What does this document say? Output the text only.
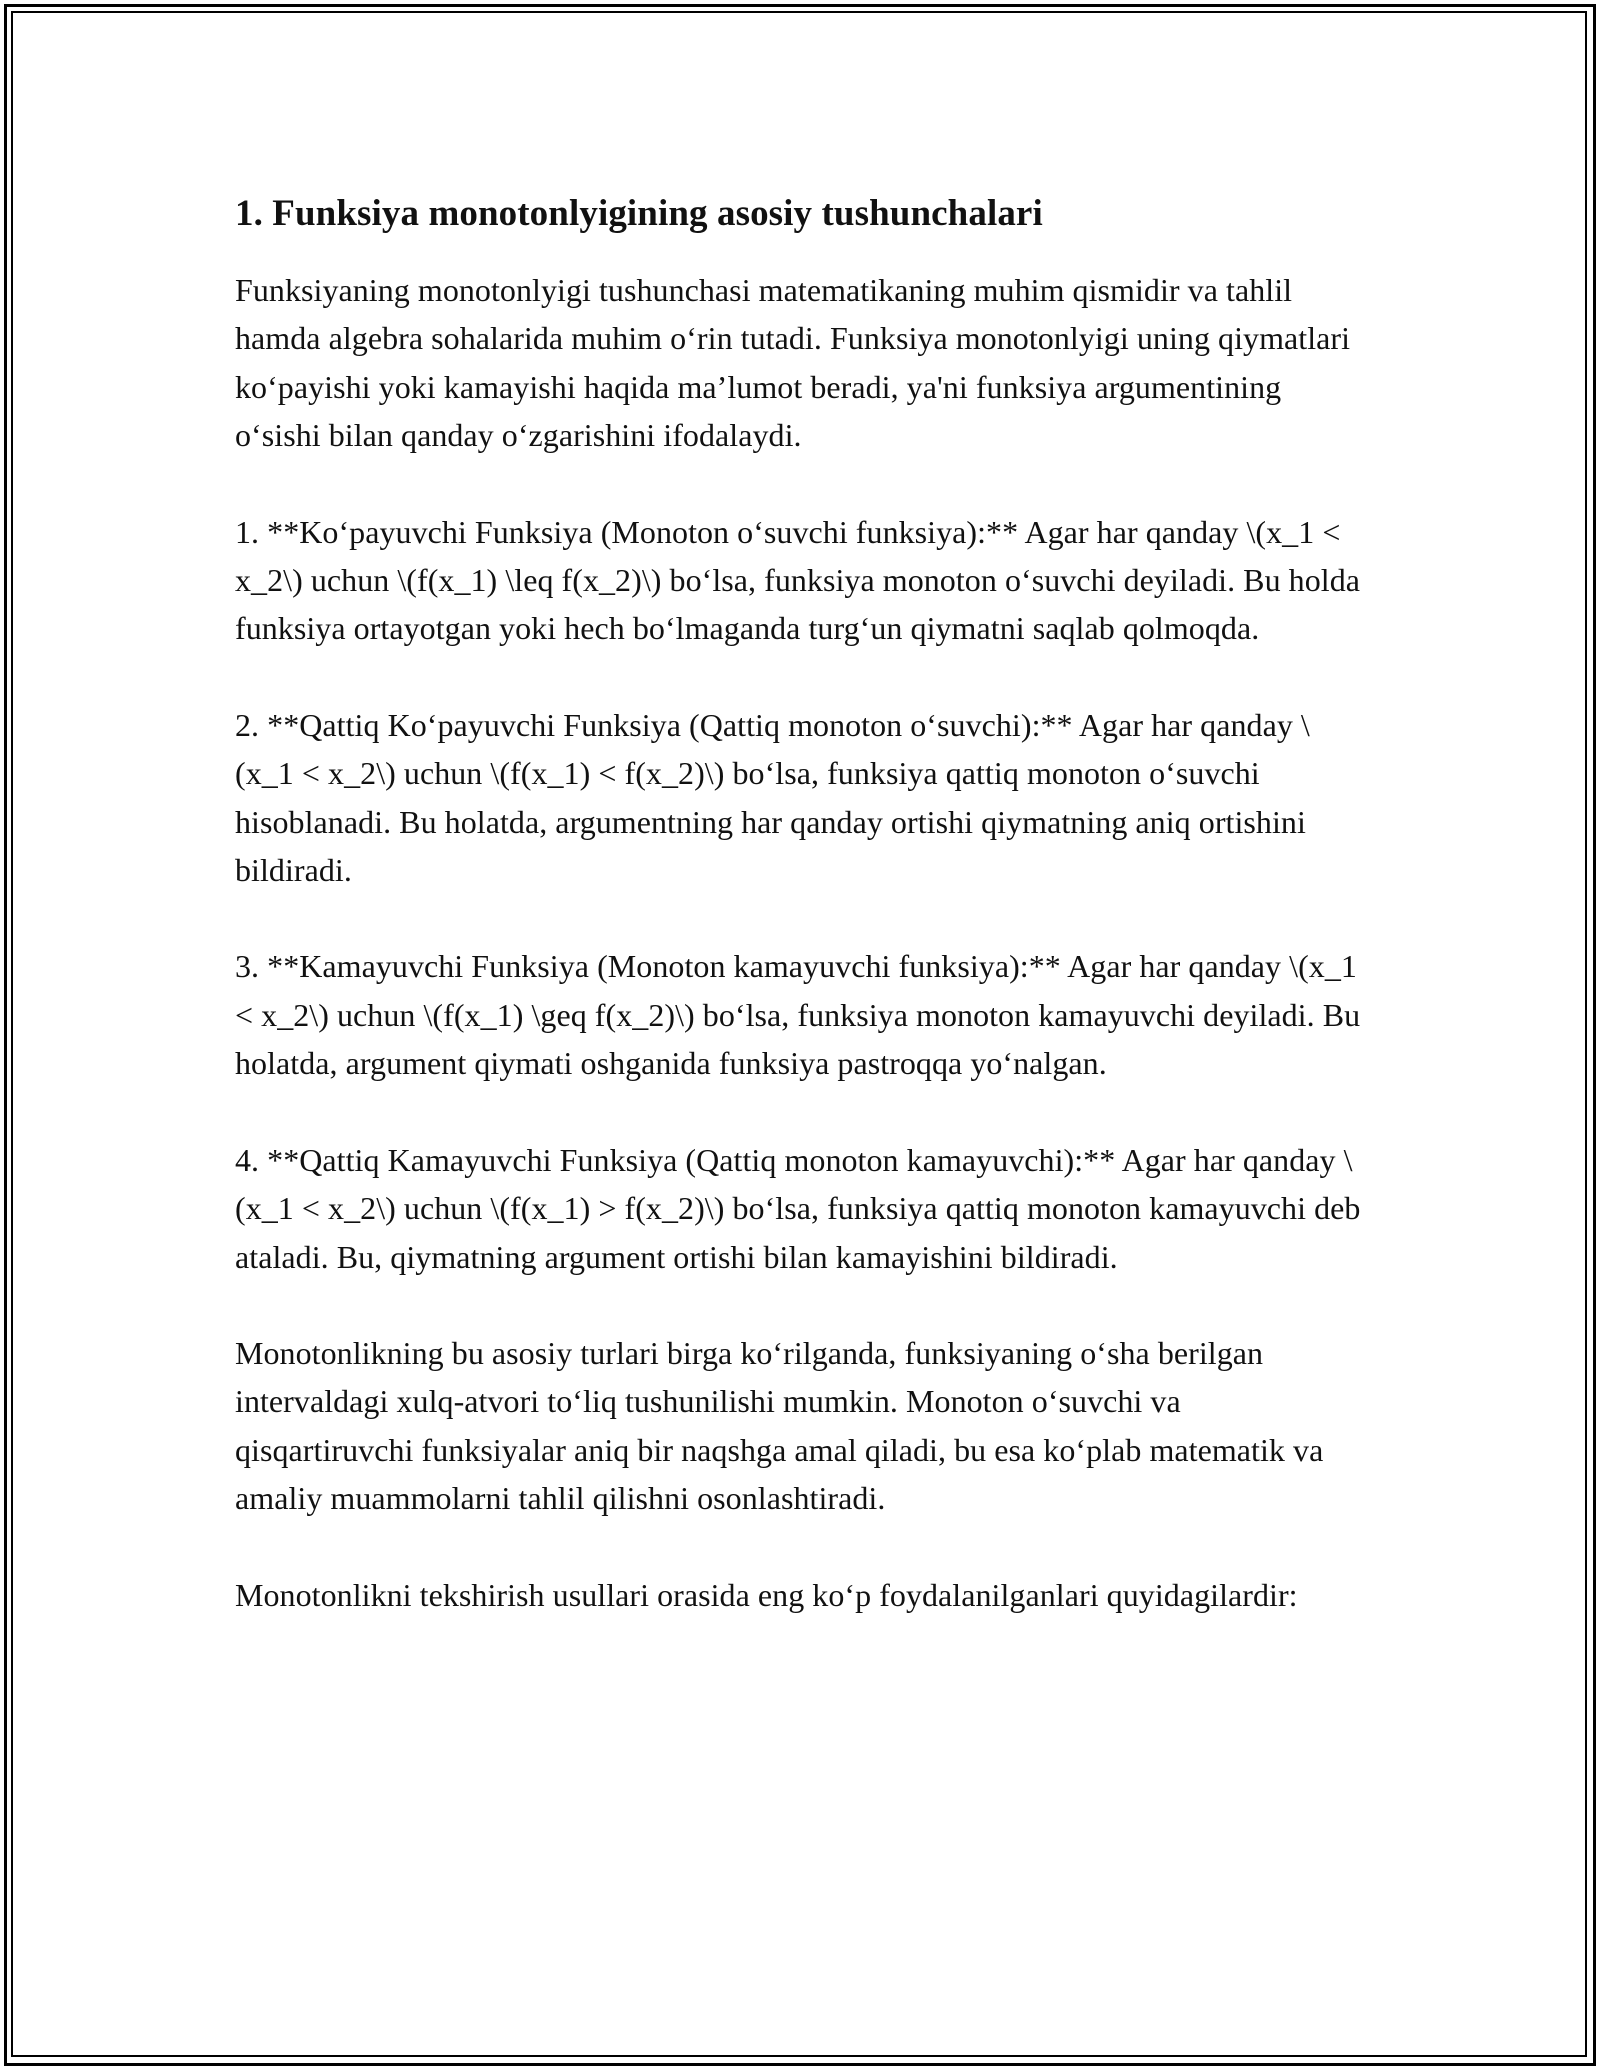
1. Funksiya monotonlyigining asosiy tushunchalari

Funksiyaning monotonlyigi tushunchasi matematikaning muhim qismidir va tahlil hamda algebra sohalarida muhim o‘rin tutadi. Funksiya monotonlyigi uning qiymatlari ko‘payishi yoki kamayishi haqida ma’lumot beradi, ya'ni funksiya argumentining o‘sishi bilan qanday o‘zgarishini ifodalaydi.

1. **Ko‘payuvchi Funksiya (Monoton o‘suvchi funksiya):** Agar har qanday \(x_1 < x_2\) uchun \(f(x_1) \leq f(x_2)\) bo‘lsa, funksiya monoton o‘suvchi deyiladi. Bu holda funksiya ortayotgan yoki hech bo‘lmaganda turg‘un qiymatni saqlab qolmoqda.

2. **Qattiq Ko‘payuvchi Funksiya (Qattiq monoton o‘suvchi):** Agar har qanday \(x_1 < x_2\) uchun \(f(x_1) < f(x_2)\) bo‘lsa, funksiya qattiq monoton o‘suvchi hisoblanadi. Bu holatda, argumentning har qanday ortishi qiymatning aniq ortishini bildiradi.

3. **Kamayuvchi Funksiya (Monoton kamayuvchi funksiya):** Agar har qanday \(x_1 < x_2\) uchun \(f(x_1) \geq f(x_2)\) bo‘lsa, funksiya monoton kamayuvchi deyiladi. Bu holatda, argument qiymati oshganida funksiya pastroqqa yo‘nalgan.

4. **Qattiq Kamayuvchi Funksiya (Qattiq monoton kamayuvchi):** Agar har qanday \(x_1 < x_2\) uchun \(f(x_1) > f(x_2)\) bo‘lsa, funksiya qattiq monoton kamayuvchi deb ataladi. Bu, qiymatning argument ortishi bilan kamayishini bildiradi.

Monotonlikning bu asosiy turlari birga ko‘rilganda, funksiyaning o‘sha berilgan intervaldagi xulq-atvori to‘liq tushunilishi mumkin. Monoton o‘suvchi va qisqartiruvchi funksiyalar aniq bir naqshga amal qiladi, bu esa ko‘plab matematik va amaliy muammolarni tahlil qilishni osonlashtiradi.

Monotonlikni tekshirish usullari orasida eng ko‘p foydalanilganlari quyidagilardir:
